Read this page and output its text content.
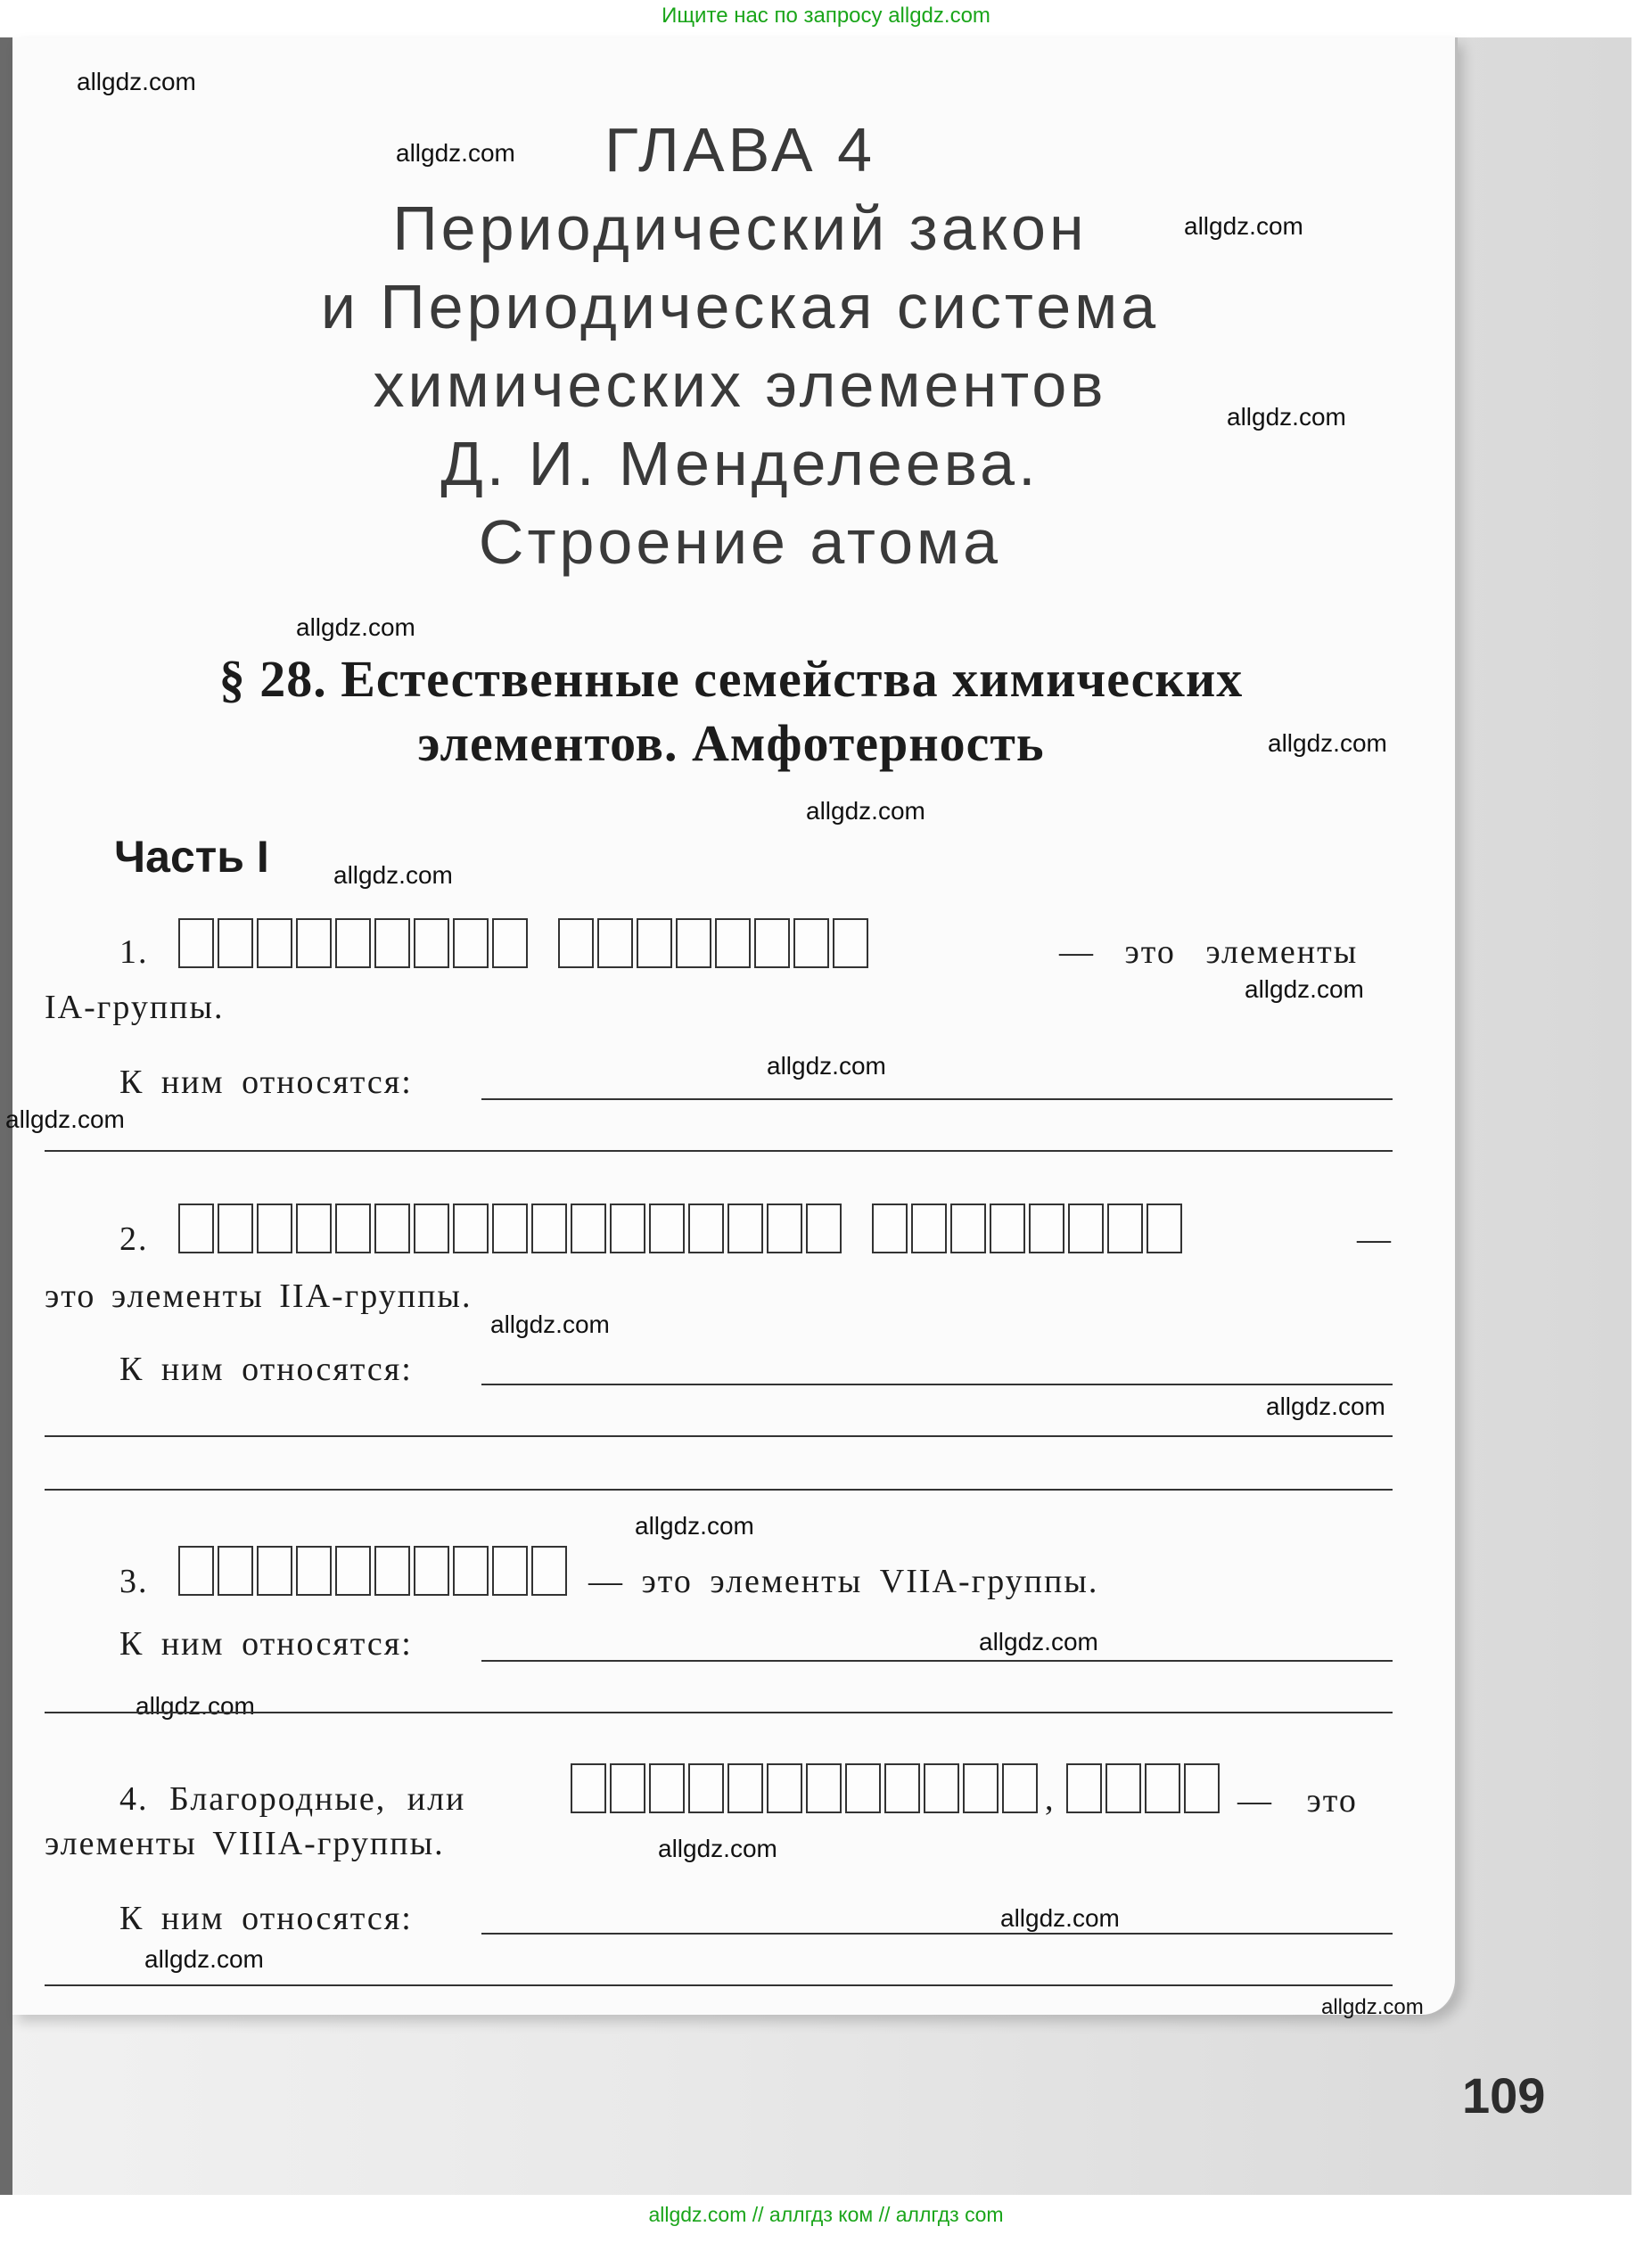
Ищите нас по запросу allgdz.com
allgdz.com
allgdz.com
allgdz.com
allgdz.com
allgdz.com
allgdz.com
allgdz.com
allgdz.com
allgdz.com
allgdz.com
allgdz.com
allgdz.com
allgdz.com
allgdz.com
allgdz.com
allgdz.com
allgdz.com
allgdz.com
allgdz.com
allgdz.com
ГЛАВА 4
Периодический закон
и Периодическая система
химических элементов
Д. И. Менделеева.
Строение атома
§ 28. Естественные семейства химических
элементов. Амфотерность
Часть I
1.	— это элементы
IA-группы.
К ним относятся:
2.	—
это элементы IIA-группы.
К ним относятся:
3.	— это элементы VIIA-группы.
К ним относятся:
4. Благородные, или	,	— это
элементы VIIIA-группы.
К ним относятся:
109
allgdz.com // аллгдз ком // аллгдз сom
